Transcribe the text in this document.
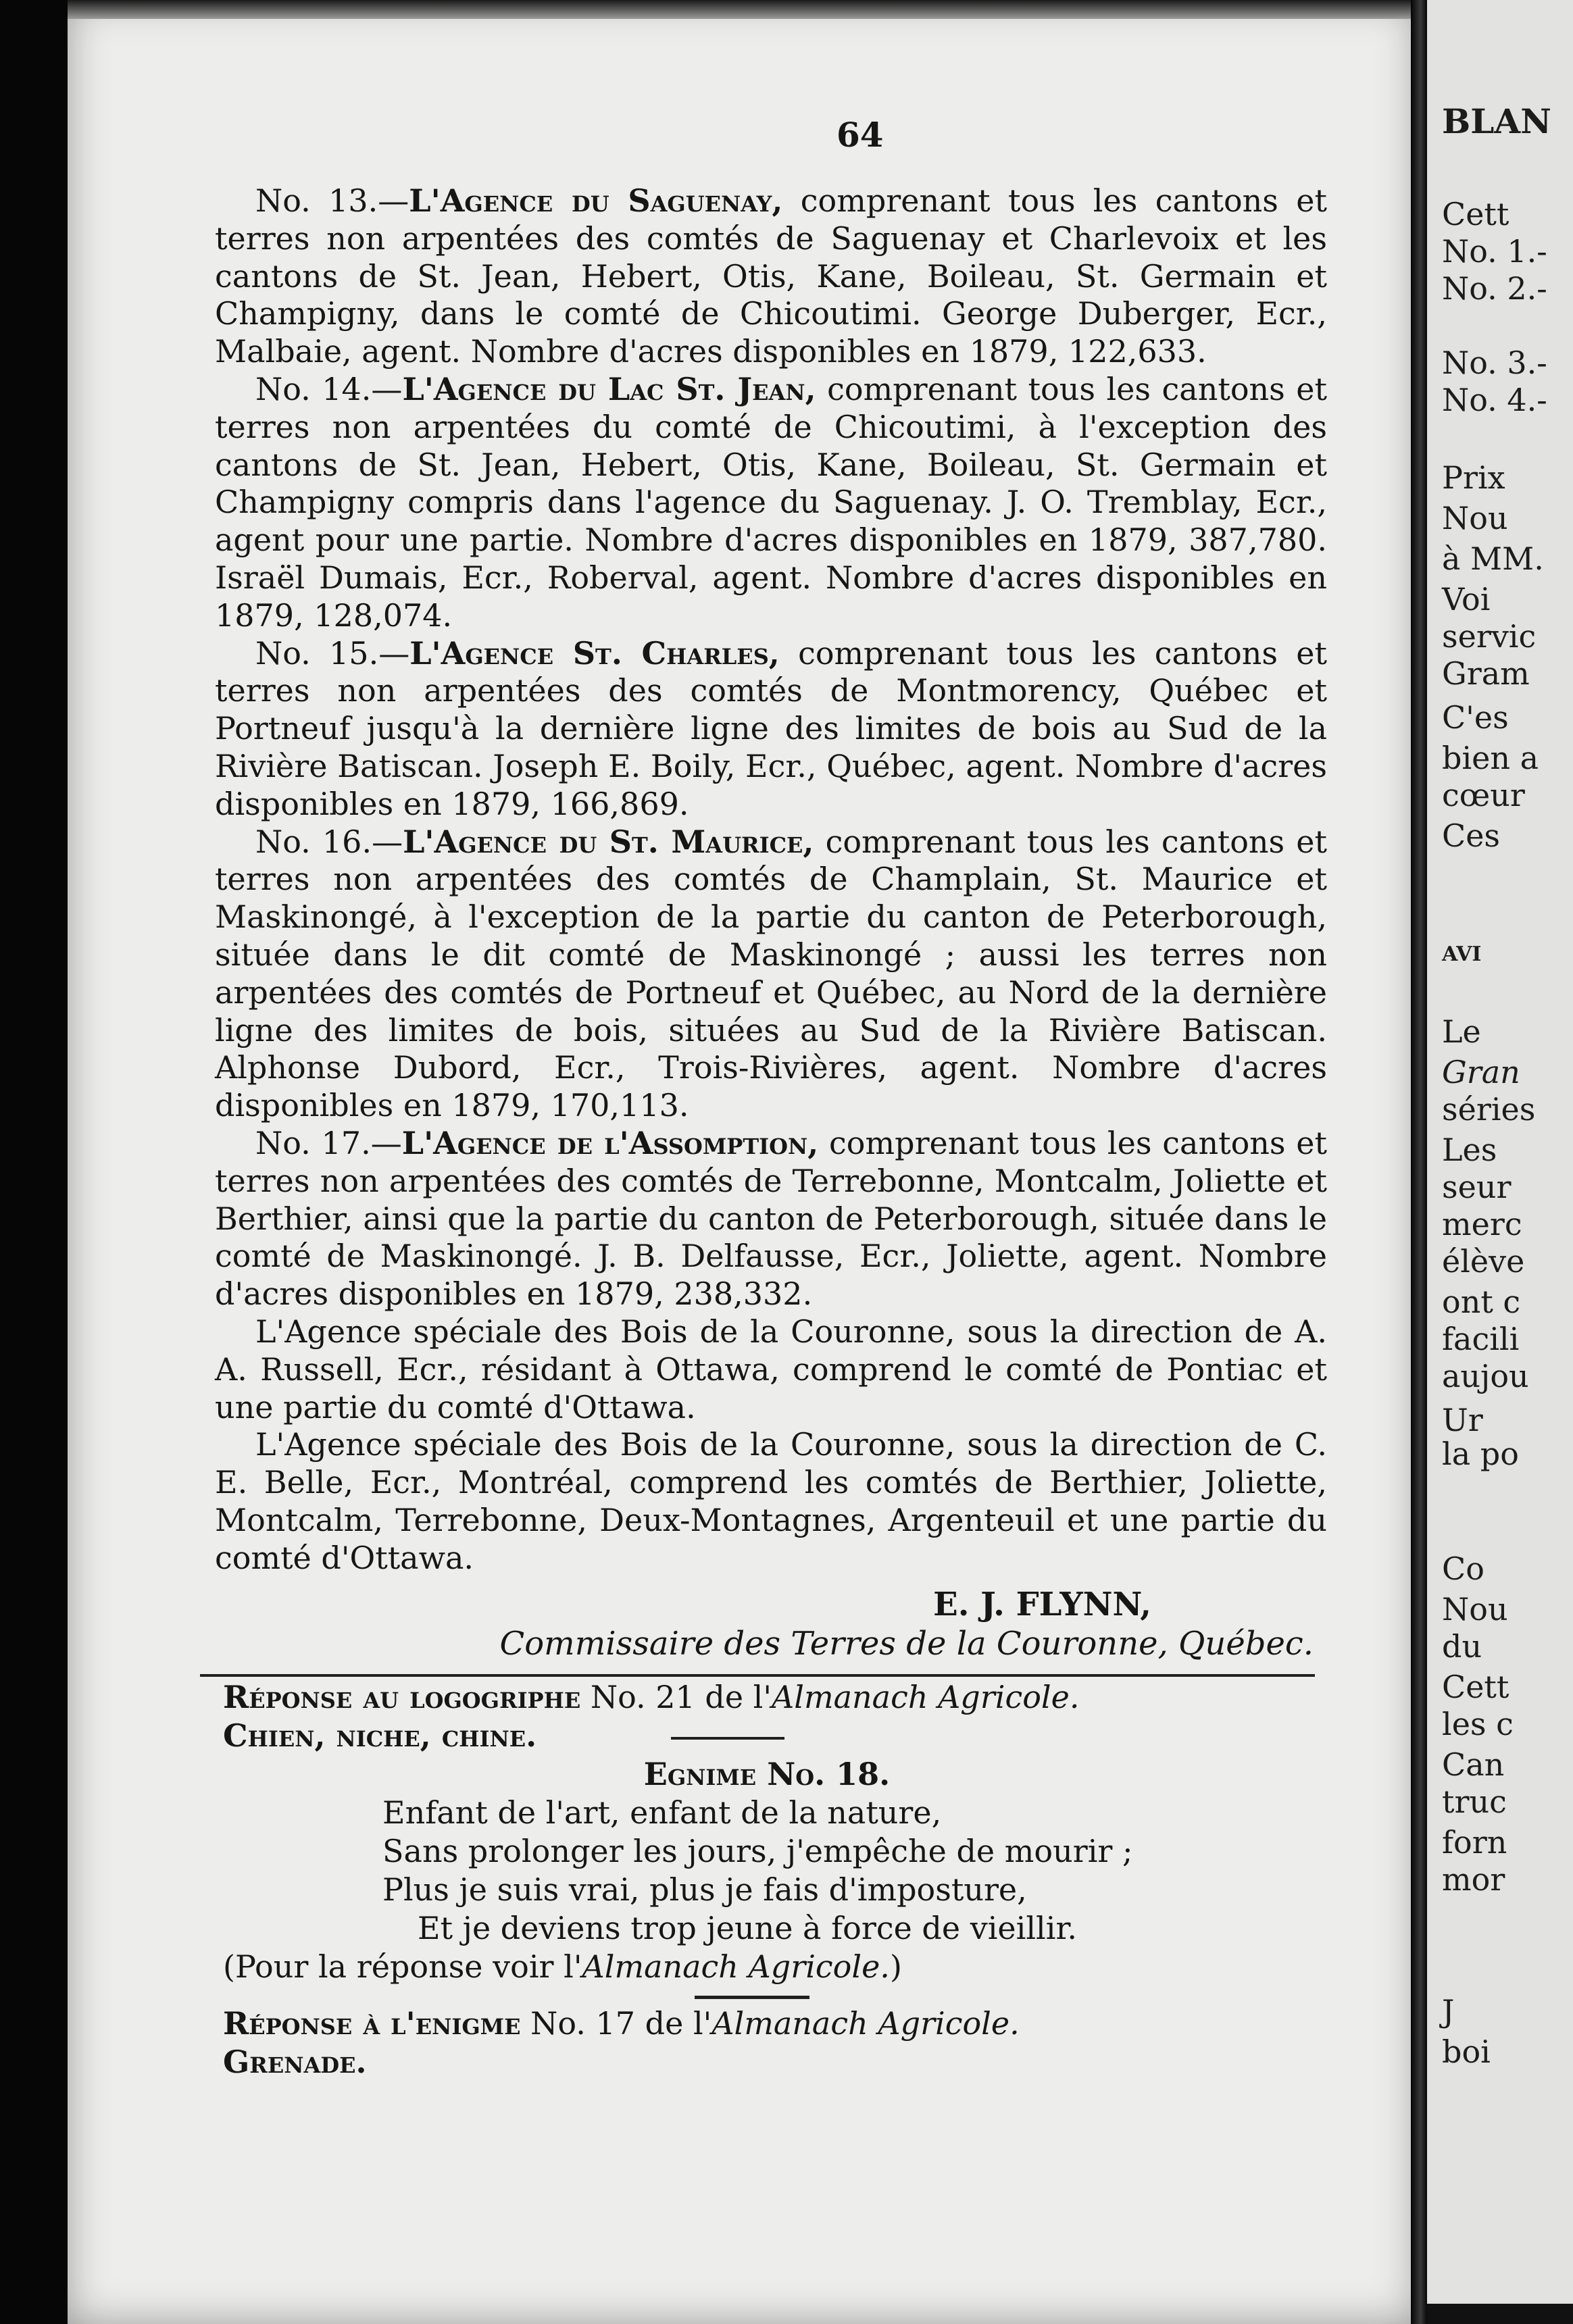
64	BLAN
Cett
No. 1.-
No. 2.-
No. 3.-
No. 4.-
Prix
Nou
à MM.
Voi
servic
Gram
C'es
bien a
cœur
Ces
AVI
Le
Gran
séries
Les
seur
merc
élève
ont c
facili
aujou
Ur
la po
Co
Nou
du
Cett
les c
Can
truc
forn
mor
J
boi

No. 13.—L'Agence du Saguenay, comprenant tous les cantons et terres non arpentées des comtés de Saguenay et Charlevoix et les cantons de St. Jean, Hebert, Otis, Kane, Boileau, St. Germain et Champigny, dans le comté de Chicoutimi. George Duberger, Ecr., Malbaie, agent. Nombre d'acres disponibles en 1879, 122,633.

No. 14.—L'Agence du Lac St. Jean, comprenant tous les cantons et terres non arpentées du comté de Chicoutimi, à l'exception des cantons de St. Jean, Hebert, Otis, Kane, Boileau, St. Germain et Champigny compris dans l'agence du Saguenay. J. O. Tremblay, Ecr., agent pour une partie. Nombre d'acres disponibles en 1879, 387,780. Israël Dumais, Ecr., Roberval, agent. Nombre d'acres disponibles en 1879, 128,074.

No. 15.—L'Agence St. Charles, comprenant tous les cantons et terres non arpentées des comtés de Montmorency, Québec et Portneuf jusqu'à la dernière ligne des limites de bois au Sud de la Rivière Batiscan. Joseph E. Boily, Ecr., Québec, agent. Nombre d'acres disponibles en 1879, 166,869.

No. 16.—L'Agence du St. Maurice, comprenant tous les cantons et terres non arpentées des comtés de Champlain, St. Maurice et Maskinongé, à l'exception de la partie du canton de Peterborough, située dans le dit comté de Maskinongé ; aussi les terres non arpentées des comtés de Portneuf et Québec, au Nord de la dernière ligne des limites de bois, situées au Sud de la Rivière Batiscan. Alphonse Dubord, Ecr., Trois-Rivières, agent. Nombre d'acres disponibles en 1879, 170,113.

No. 17.—L'Agence de l'Assomption, comprenant tous les cantons et terres non arpentées des comtés de Terrebonne, Montcalm, Joliette et Berthier, ainsi que la partie du canton de Peterborough, située dans le comté de Maskinongé. J. B. Delfausse, Ecr., Joliette, agent. Nombre d'acres disponibles en 1879, 238,332.

L'Agence spéciale des Bois de la Couronne, sous la direction de A. A. Russell, Ecr., résidant à Ottawa, comprend le comté de Pontiac et une partie du comté d'Ottawa.

L'Agence spéciale des Bois de la Couronne, sous la direction de C. E. Belle, Ecr., Montréal, comprend les comtés de Berthier, Joliette, Montcalm, Terrebonne, Deux-Montagnes, Argenteuil et une partie du comté d'Ottawa.

E. J. FLYNN,
Commissaire des Terres de la Couronne, Québec.
Réponse au logogriphe No. 21 de l'Almanach Agricole.
Chien, niche, chine.
Egnime No. 18.
Enfant de l'art, enfant de la nature,
Sans prolonger les jours, j'empêche de mourir ;
Plus je suis vrai, plus je fais d'imposture,
Et je deviens trop jeune à force de vieillir.
(Pour la réponse voir l'Almanach Agricole.)
Réponse à l'enigme No. 17 de l'Almanach Agricole.
Grenade.
